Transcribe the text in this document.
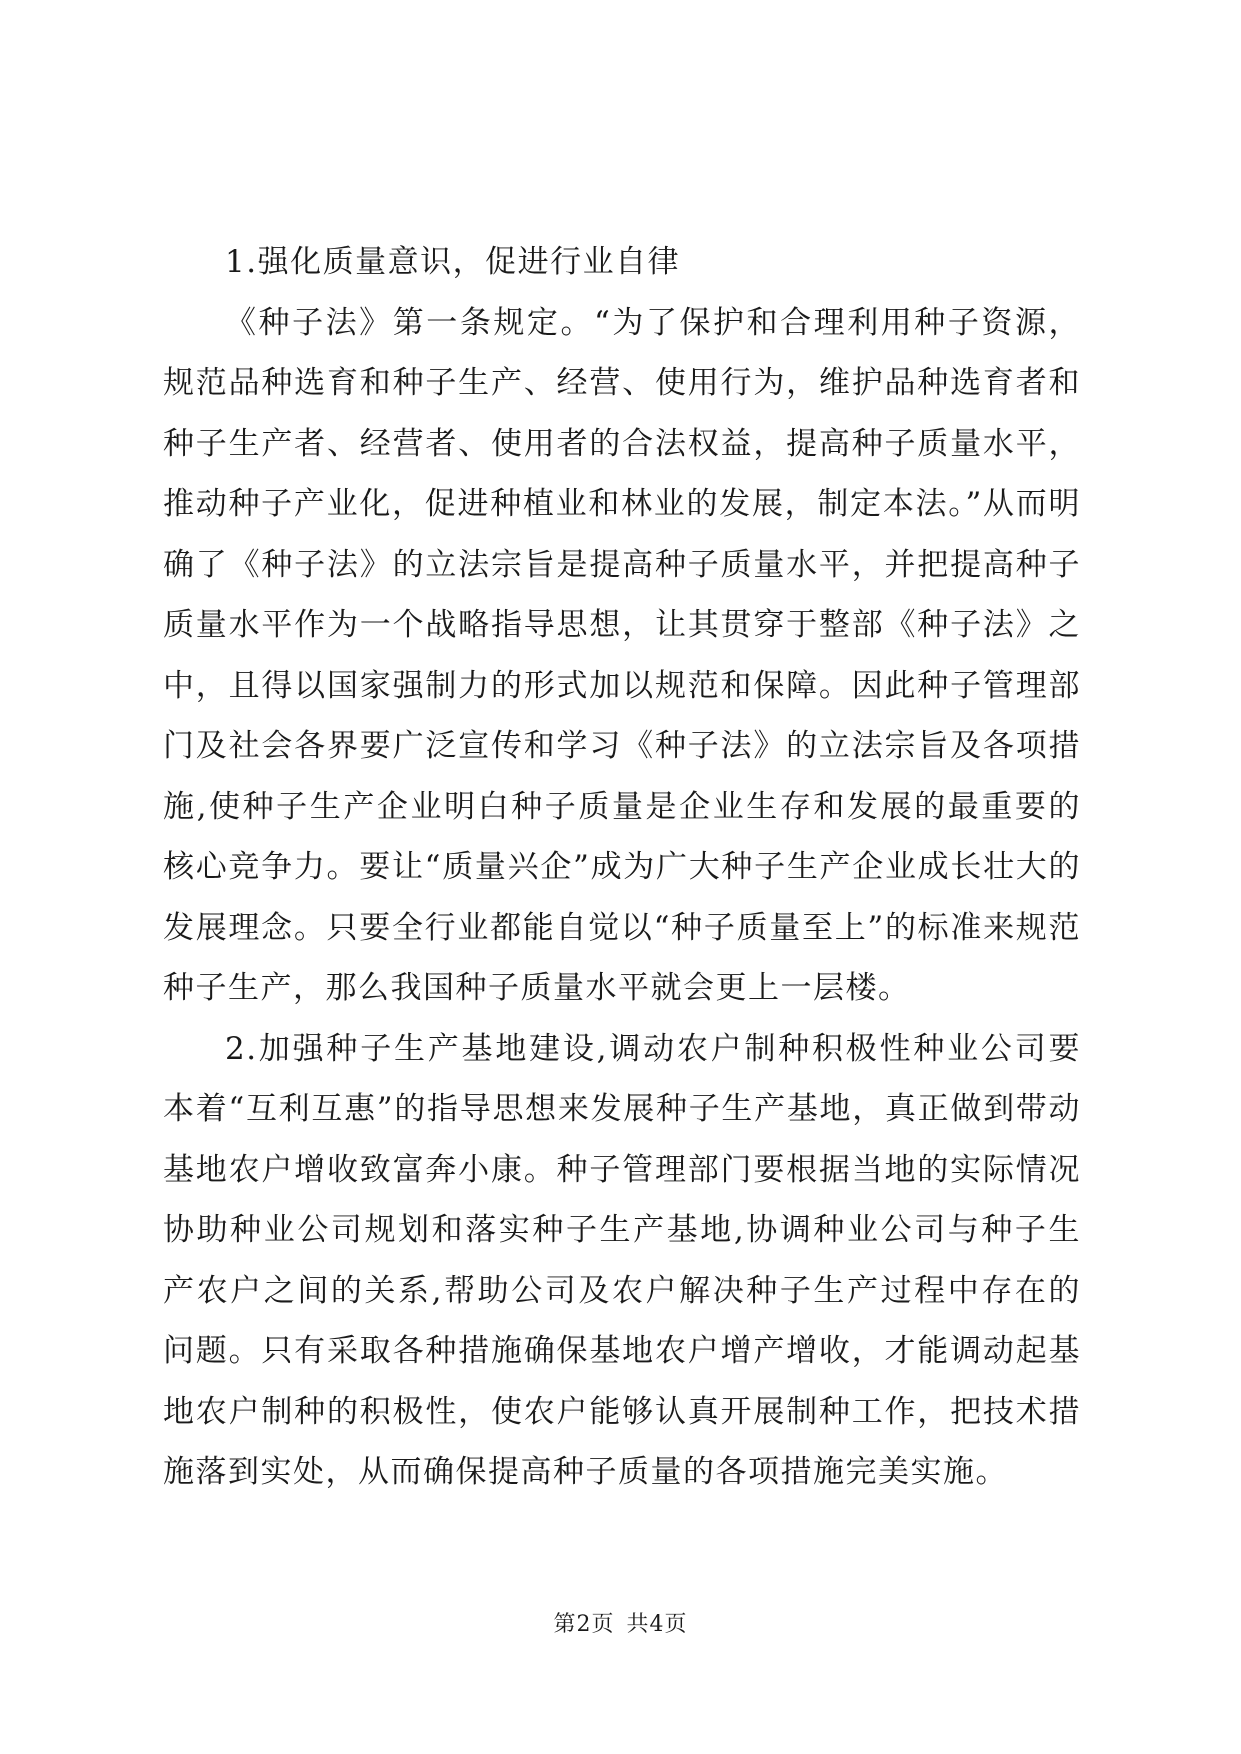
1.强化质量意识，促进行业自律

《种子法》第一条规定。“为了保护和合理利用种子资源，规范品种选育和种子生产、经营、使用行为，维护品种选育者和种子生产者、经营者、使用者的合法权益，提高种子质量水平，推动种子产业化，促进种植业和林业的发展，制定本法。”从而明确了《种子法》的立法宗旨是提高种子质量水平，并把提高种子质量水平作为一个战略指导思想，让其贯穿于整部《种子法》之中，且得以国家强制力的形式加以规范和保障。因此种子管理部门及社会各界要广泛宣传和学习《种子法》的立法宗旨及各项措施,使种子生产企业明白种子质量是企业生存和发展的最重要的核心竞争力。要让“质量兴企”成为广大种子生产企业成长壮大的发展理念。只要全行业都能自觉以“种子质量至上”的标准来规范种子生产，那么我国种子质量水平就会更上一层楼。

2.加强种子生产基地建设,调动农户制种积极性种业公司要本着“互利互惠”的指导思想来发展种子生产基地，真正做到带动基地农户增收致富奔小康。种子管理部门要根据当地的实际情况协助种业公司规划和落实种子生产基地,协调种业公司与种子生产农户之间的关系,帮助公司及农户解决种子生产过程中存在的问题。只有采取各种措施确保基地农户增产增收，才能调动起基地农户制种的积极性，使农户能够认真开展制种工作，把技术措施落到实处，从而确保提高种子质量的各项措施完美实施。

第2页 共4页
